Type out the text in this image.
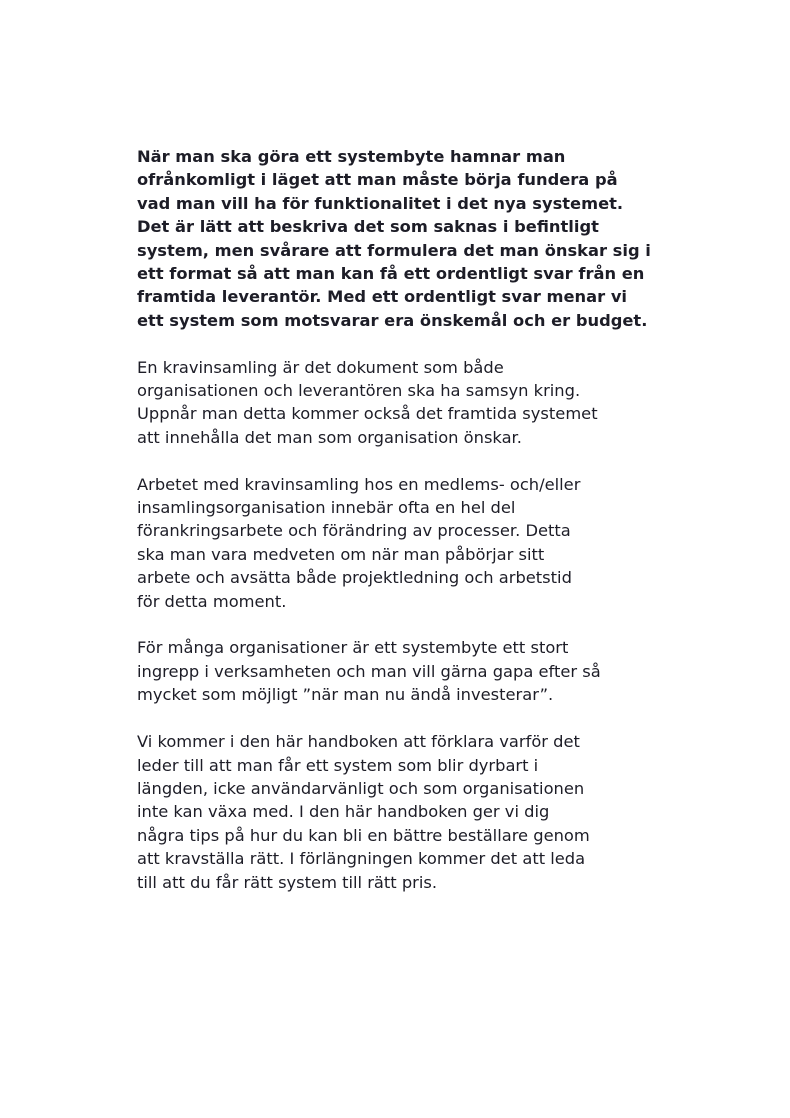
När man ska göra ett systembyte hamnar man
ofrånkomligt i läget att man måste börja fundera på
vad man vill ha för funktionalitet i det nya systemet.
Det är lätt att beskriva det som saknas i befintligt
system, men svårare att formulera det man önskar sig i
ett format så att man kan få ett ordentligt svar från en
framtida leverantör. Med ett ordentligt svar menar vi
ett system som motsvarar era önskemål och er budget.

En kravinsamling är det dokument som både
organisationen och leverantören ska ha samsyn kring.
Uppnår man detta kommer också det framtida systemet
att innehålla det man som organisation önskar.

Arbetet med kravinsamling hos en medlems- och/eller
insamlingsorganisation innebär ofta en hel del
förankringsarbete och förändring av processer. Detta
ska man vara medveten om när man påbörjar sitt
arbete och avsätta både projektledning och arbetstid
för detta moment.

För många organisationer är ett systembyte ett stort
ingrepp i verksamheten och man vill gärna gapa efter så
mycket som möjligt ”när man nu ändå investerar”.

Vi kommer i den här handboken att förklara varför det
leder till att man får ett system som blir dyrbart i
längden, icke användarvänligt och som organisationen
inte kan växa med. I den här handboken ger vi dig
några tips på hur du kan bli en bättre beställare genom
att kravställa rätt. I förlängningen kommer det att leda
till att du får rätt system till rätt pris.
